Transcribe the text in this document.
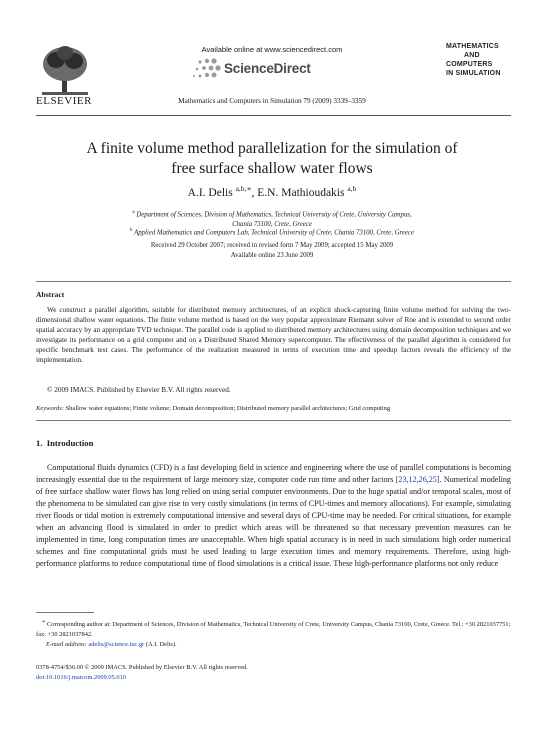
ELSEVIER
Available online at www.sciencedirect.com
ScienceDirect
Mathematics and Computers in Simulation 79 (2009) 3339–3359
MATHEMATICS
AND
COMPUTERS
IN SIMULATION
A finite volume method parallelization for the simulation of
free surface shallow water flows
A.I. Delis $^{a,b,∗}$, E.N. Mathioudakis $^{a,b}$
$^a$ Department of Sciences, Division of Mathematics, Technical University of Crete, University Campus,
Chania 73100, Crete, Greece
$^b$ Applied Mathematics and Computers Lab, Technical University of Crete, Chania 73100, Crete, Greece
Received 29 October 2007; received in revised form 7 May 2009; accepted 15 May 2009
Available online 23 June 2009
Abstract
We construct a parallel algorithm, suitable for distributed memory architectures, of an explicit shock-capturing finite volume method for solving the two-dimensional shallow water equations. The finite volume method is based on the very popular approximate Riemann solver of Roe and is extended to second order spatial accuracy by an appropriate TVD technique. The parallel code is applied to distributed memory architectures using domain decomposition techniques and we investigate its performance on a grid computer and on a Distributed Shared Memory supercomputer. The effectiveness of the parallel algorithm is considered for specific benchmark test cases. The performance of the realization measured in terms of execution time and speedup factors reveals the efficiency of the implementation.
© 2009 IMACS. Published by Elsevier B.V. All rights reserved.
Keywords: Shallow water equations; Finite volume; Domain decomposition; Distributed memory parallel architectures; Grid computing
1.  Introduction
Computational fluids dynamics (CFD) is a fast developing field in science and engineering where the use of parallel computations is becoming increasingly essential due to the requirement of large memory size, computer code run time and other factors [23,12,26,25]. Numerical modeling of free surface shallow water flows has long relied on using serial computer environments. Due to the huge spatial and/or temporal scales, most of the phenomena to be simulated can give rise to very costly simulations (in terms of CPU-times and memory allocations). For example, simulating river floods or tidal motion is extremely computational intensive and several days of CPU-time may be needed. For critical situations, for example when an advancing flood is simulated in order to predict which areas will be threatened so that necessary prevention measures can be implemented in time, long computation times are unacceptable. When high spatial accuracy is in need in such simulations high order numerical schemes and fine computational grids must be used leading to large execution times and memory requirements. Therefore, using high-performance platforms to reduce computational time of flood simulations is a critical issue. These high-performance platforms not only reduce
∗ Corresponding author at: Department of Sciences, Division of Mathematics, Technical University of Crete, University Campus, Chania 73100, Crete, Greece. Tel.: +30 2821037751; fax: +30 2821037842.
E-mail address: adelis@science.tuc.gr (A.I. Delis).
0378-4754/$36.00 © 2009 IMACS. Published by Elsevier B.V. All rights reserved.
doi:10.1016/j.matcom.2009.05.010
